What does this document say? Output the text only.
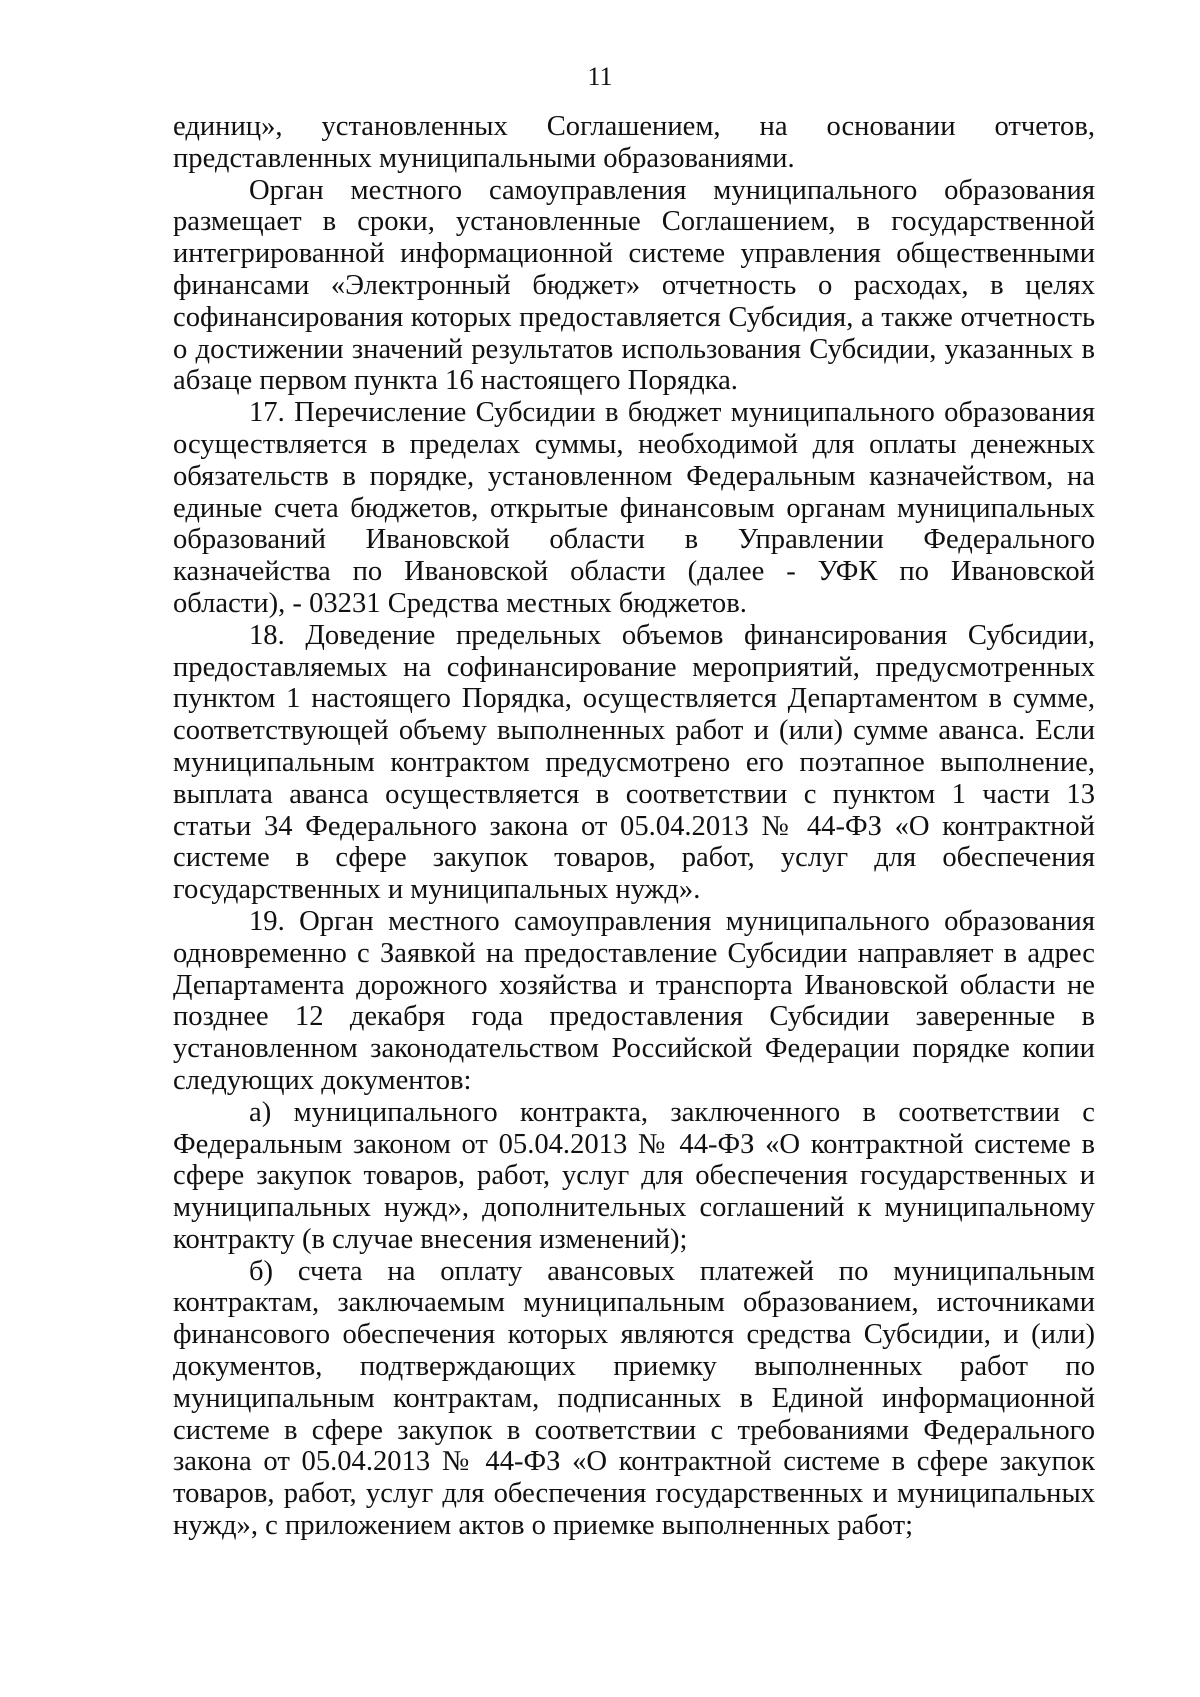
11

единиц», установленных Соглашением, на основании отчетов, представленных муниципальными образованиями.

Орган местного самоуправления муниципального образования размещает в сроки, установленные Соглашением, в государственной интегрированной информационной системе управления общественными финансами «Электронный бюджет» отчетность о расходах, в целях софинансирования которых предоставляется Субсидия, а также отчетность о достижении значений результатов использования Субсидии, указанных в абзаце первом пункта 16 настоящего Порядка.

17. Перечисление Субсидии в бюджет муниципального образования осуществляется в пределах суммы, необходимой для оплаты денежных обязательств в порядке, установленном Федеральным казначейством, на единые счета бюджетов, открытые финансовым органам муниципальных образований Ивановской области в Управлении Федерального казначейства по Ивановской области (далее - УФК по Ивановской области), - 03231 Средства местных бюджетов.

18. Доведение предельных объемов финансирования Субсидии, предоставляемых на софинансирование мероприятий, предусмотренных пунктом 1 настоящего Порядка, осуществляется Департаментом в сумме, соответствующей объему выполненных работ и (или) сумме аванса. Если муниципальным контрактом предусмотрено его поэтапное выполнение, выплата аванса осуществляется в соответствии с пунктом 1 части 13 статьи 34 Федерального закона от 05.04.2013 № 44-ФЗ «О контрактной системе в сфере закупок товаров, работ, услуг для обеспечения государственных и муниципальных нужд».

19. Орган местного самоуправления муниципального образования одновременно с Заявкой на предоставление Субсидии направляет в адрес Департамента дорожного хозяйства и транспорта Ивановской области не позднее 12 декабря года предоставления Субсидии заверенные в установленном законодательством Российской Федерации порядке копии следующих документов:

а) муниципального контракта, заключенного в соответствии с Федеральным законом от 05.04.2013 № 44-ФЗ «О контрактной системе в сфере закупок товаров, работ, услуг для обеспечения государственных и муниципальных нужд», дополнительных соглашений к муниципальному контракту (в случае внесения изменений);

б) счета на оплату авансовых платежей по муниципальным контрактам, заключаемым муниципальным образованием, источниками финансового обеспечения которых являются средства Субсидии, и (или) документов, подтверждающих приемку выполненных работ по муниципальным контрактам, подписанных в Единой информационной системе в сфере закупок в соответствии с требованиями Федерального закона от 05.04.2013 № 44-ФЗ «О контрактной системе в сфере закупок товаров, работ, услуг для обеспечения государственных и муниципальных нужд», с приложением актов о приемке выполненных работ;
